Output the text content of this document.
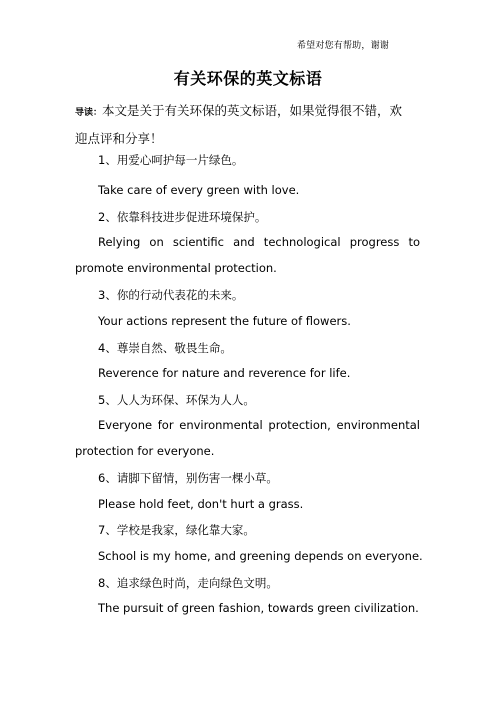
希望对您有帮助，谢谢
有关环保的英文标语
导读：本文是关于有关环保的英文标语，如果觉得很不错，欢
迎点评和分享！
1、用爱心呵护每一片绿色。
Take care of every green with love.
2、依靠科技进步促进环境保护。
Relying on scientific and technological progress to
promote environmental protection.
3、你的行动代表花的未来。
Your actions represent the future of flowers.
4、尊崇自然、敬畏生命。
Reverence for nature and reverence for life.
5、人人为环保、环保为人人。
Everyone for environmental protection, environmental
protection for everyone.
6、请脚下留情，别伤害一棵小草。
Please hold feet, don't hurt a grass.
7、学校是我家，绿化靠大家。
School is my home, and greening depends on everyone.
8、追求绿色时尚，走向绿色文明。
The pursuit of green fashion, towards green civilization.
